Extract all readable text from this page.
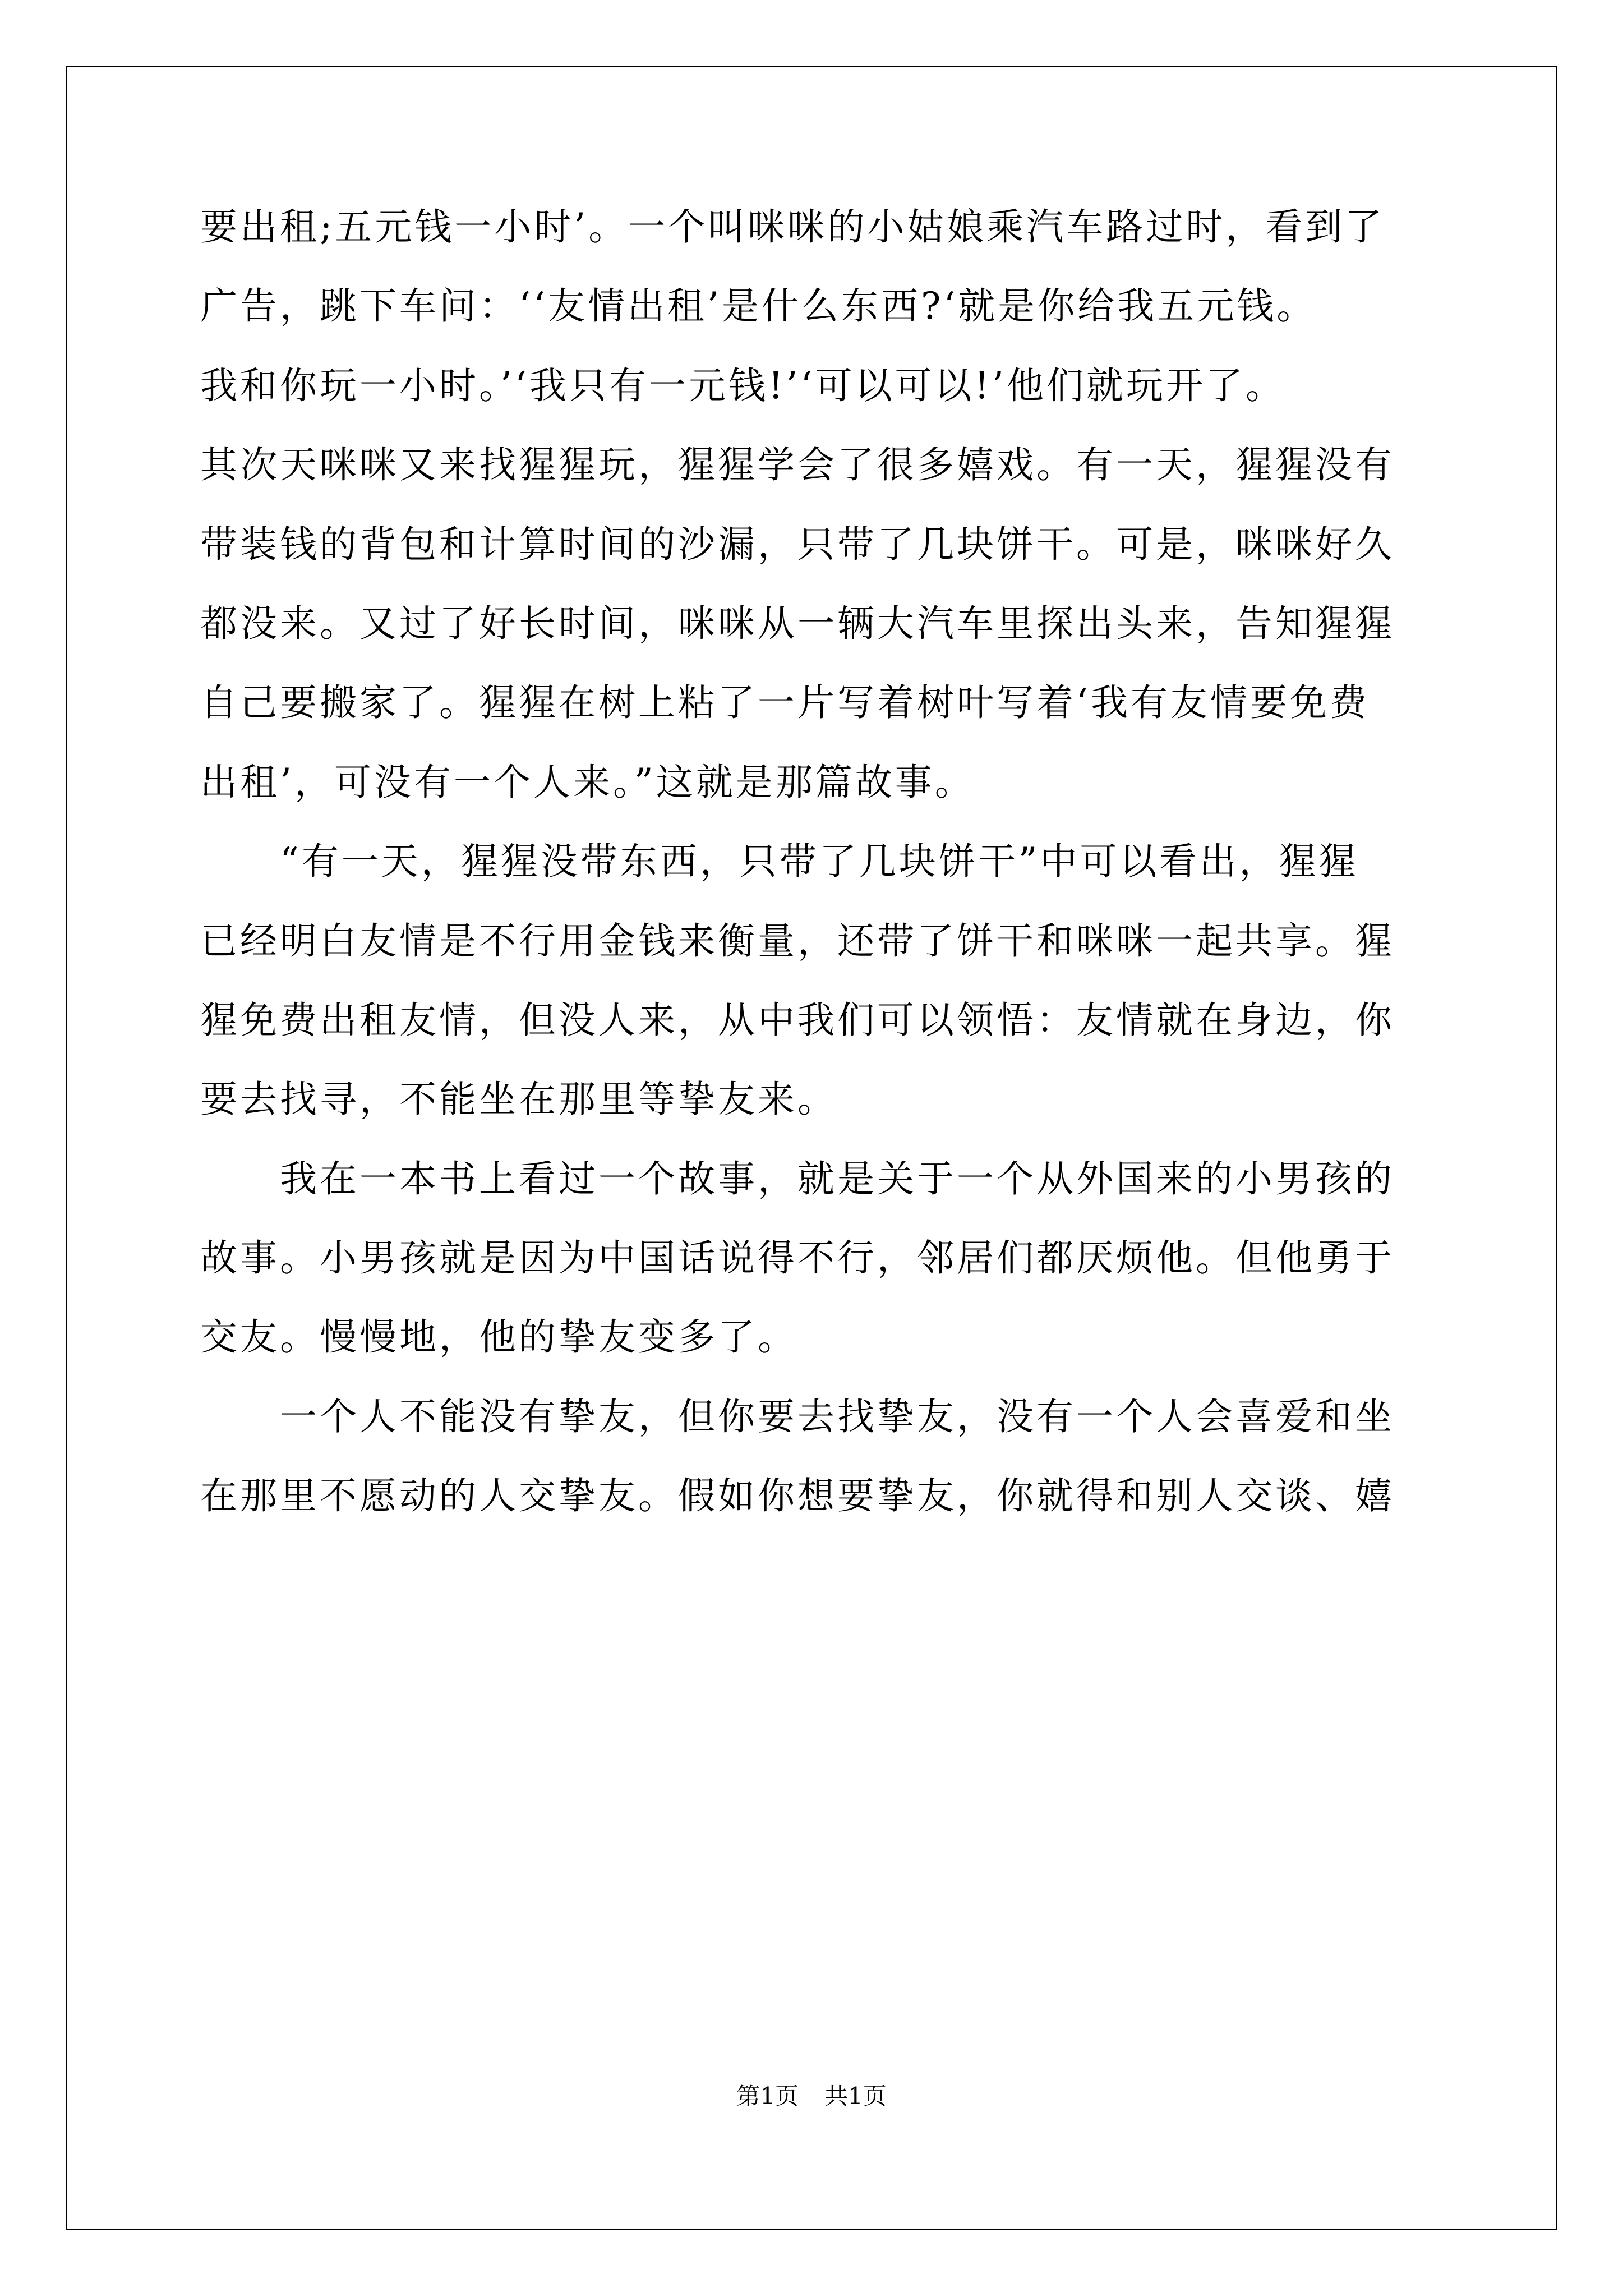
要出租;五元钱一小时’。一个叫咪咪的小姑娘乘汽车路过时，看到了
广告，跳下车问：‘‘友情出租’是什么东西?‘就是你给我五元钱。
我和你玩一小时。’‘我只有一元钱!’‘可以可以!’他们就玩开了。
其次天咪咪又来找猩猩玩，猩猩学会了很多嬉戏。有一天，猩猩没有
带装钱的背包和计算时间的沙漏，只带了几块饼干。可是，咪咪好久
都没来。又过了好长时间，咪咪从一辆大汽车里探出头来，告知猩猩
自己要搬家了。猩猩在树上粘了一片写着树叶写着‘我有友情要免费
出租’，可没有一个人来。”这就是那篇故事。
“有一天，猩猩没带东西，只带了几块饼干”中可以看出，猩猩
已经明白友情是不行用金钱来衡量，还带了饼干和咪咪一起共享。猩
猩免费出租友情，但没人来，从中我们可以领悟：友情就在身边，你
要去找寻，不能坐在那里等挚友来。
我在一本书上看过一个故事，就是关于一个从外国来的小男孩的
故事。小男孩就是因为中国话说得不行，邻居们都厌烦他。但他勇于
交友。慢慢地，他的挚友变多了。
一个人不能没有挚友，但你要去找挚友，没有一个人会喜爱和坐
在那里不愿动的人交挚友。假如你想要挚友，你就得和别人交谈、嬉
第1页 共1页
